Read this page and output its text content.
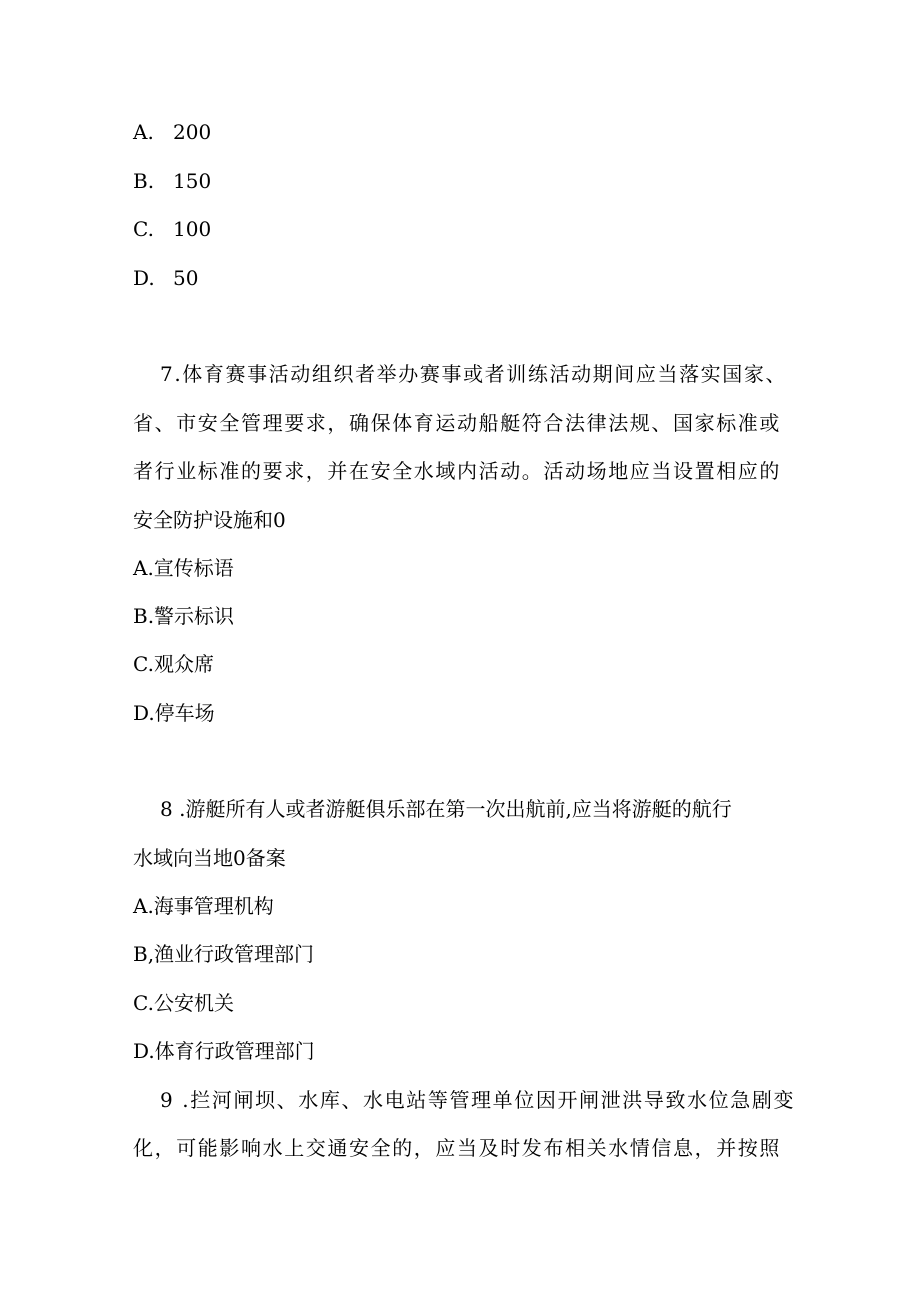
A. 200
B. 150
C. 100
D. 50
7.体育赛事活动组织者举办赛事或者训练活动期间应当落实国家、
省、市安全管理要求，确保体育运动船艇符合法律法规、国家标准或
者行业标准的要求，并在安全水域内活动。活动场地应当设置相应的
安全防护设施和0
A.宣传标语
B.警示标识
C.观众席
D.停车场
8 .游艇所有人或者游艇俱乐部在第一次出航前,应当将游艇的航行
水域向当地0备案
A.海事管理机构
B,渔业行政管理部门
C.公安机关
D.体育行政管理部门
9 .拦河闸坝、水库、水电站等管理单位因开闸泄洪导致水位急剧变
化，可能影响水上交通安全的，应当及时发布相关水情信息，并按照
